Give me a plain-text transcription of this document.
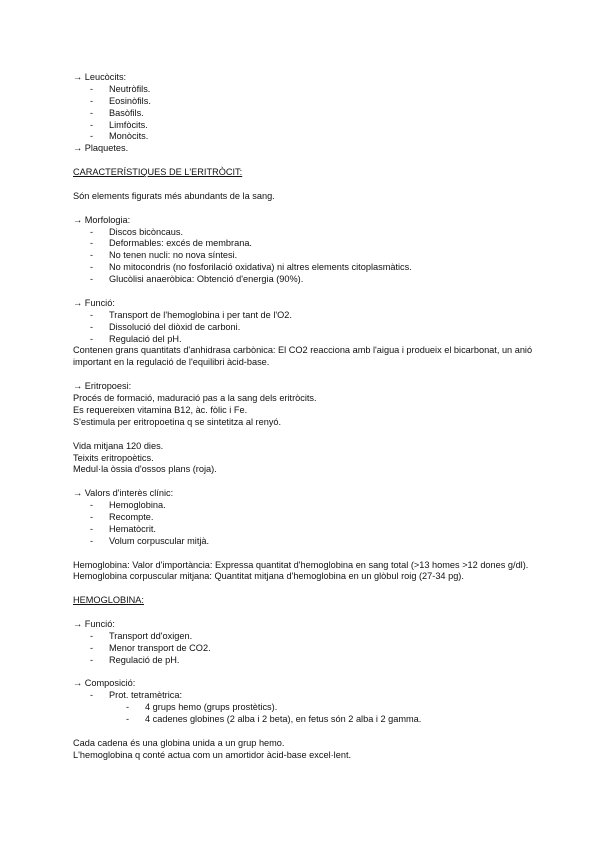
→ Leucòcits:
- Neutròfils.
- Eosinòfils.
- Basòfils.
- Limfòcits.
- Monòcits.
→ Plaquetes.
CARACTERÍSTIQUES DE L'ERITRÒCIT:
Són elements figurats més abundants de la sang.
→ Morfologia:
- Discos bicòncaus.
- Deformables: excés de membrana.
- No tenen nucli: no nova síntesi.
- No mitocondris (no fosforilació oxidativa) ni altres elements citoplasmàtics.
- Glucòlisi anaeròbica: Obtenció d'energia (90%).
→ Funció:
- Transport de l'hemoglobina i per tant de l'O2.
- Dissolució del diòxid de carboni.
- Regulació del pH.
Contenen grans quantitats d'anhidrasa carbònica: El CO2 reacciona amb l'aigua i produeix el bicarbonat, un anió
important en la regulació de l'equilibri àcid-base.
→ Eritropoesi:
Procés de formació, maduració pas a la sang dels eritròcits.
Es requereixen vitamina B12, àc. fòlic i Fe.
S'estimula per eritropoetina q se sintetitza al renyó.
Vida mitjana 120 dies.
Teixits eritropoètics.
Medul·la òssia d'ossos plans (roja).
→ Valors d'interès clínic:
- Hemoglobina.
- Recompte.
- Hematòcrit.
- Volum corpuscular mitjà.
Hemoglobina: Valor d'importància: Expressa quantitat d'hemoglobina en sang total (>13 homes >12 dones g/dl).
Hemoglobina corpuscular mitjana: Quantitat mitjana d'hemoglobina en un glòbul roig (27-34 pg).
HEMOGLOBINA:
→ Funció:
- Transport dd'oxigen.
- Menor transport de CO2.
- Regulació de pH.
→ Composició:
- Prot. tetramètrica:
- 4 grups hemo (grups prostètics).
- 4 cadenes globines (2 alba i 2 beta), en fetus són 2 alba i 2 gamma.
Cada cadena és una globina unida a un grup hemo.
L'hemoglobina q conté actua com un amortidor àcid-base excel·lent.
